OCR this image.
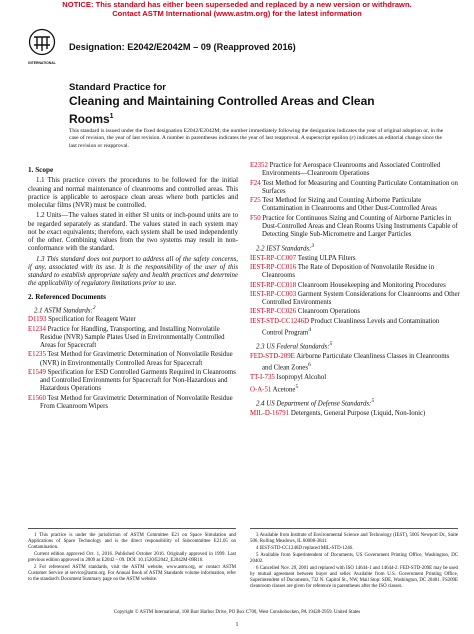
NOTICE: This standard has either been superseded and replaced by a new version or withdrawn.
Contact ASTM International (www.astm.org) for the latest information
INTERNATIONAL
Designation: E2042/E2042M – 09 (Reapproved 2016)
Standard Practice for
Cleaning and Maintaining Controlled Areas and Clean Rooms$^1$
This standard is issued under the fixed designation E2042/E2042M; the number immediately following the designation indicates the year of original adoption or, in the case of revision, the year of last revision. A number in parentheses indicates the year of last reapproval. A superscript epsilon (ε) indicates an editorial change since the last revision or reapproval.
1. Scope

1.1 This practice covers the procedures to be followed for the initial cleaning and normal maintenance of cleanrooms and controlled areas. This practice is applicable to aerospace clean areas where both particles and molecular films (NVR) must be controlled.

1.2 Units—The values stated in either SI units or inch-pound units are to be regarded separately as standard. The values stated in each system may not be exact equivalents; therefore, each system shall be used independently of the other. Combining values from the two systems may result in non-conformance with the standard.

1.3 This standard does not purport to address all of the safety concerns, if any, associated with its use. It is the responsibility of the user of this standard to establish appropriate safety and health practices and determine the applicability of regulatory limitations prior to use.

2. Referenced Documents
2.1 ASTM Standards:$^2$
D1193 Specification for Reagent Water
E1234 Practice for Handling, Transporting, and Installing Nonvolatile Residue (NVR) Sample Plates Used in Environmentally Controlled Areas for Spacecraft
E1235 Test Method for Gravimetric Determination of Nonvolatile Residue (NVR) in Environmentally Controlled Areas for Spacecraft
E1549 Specification for ESD Controlled Garments Required in Cleanrooms and Controlled Environments for Spacecraft for Non-Hazardous and Hazardous Operations
E1560 Test Method for Gravimetric Determination of Nonvolatile Residue From Cleanroom Wipers
E2352 Practice for Aerospace Cleanrooms and Associated Controlled Environments—Cleanroom Operations
F24 Test Method for Measuring and Counting Particulate Contamination on Surfaces
F25 Test Method for Sizing and Counting Airborne Particulate Contamination in Cleanrooms and Other Dust-Controlled Areas
F50 Practice for Continuous Sizing and Counting of Airborne Particles in Dust-Controlled Areas and Clean Rooms Using Instruments Capable of Detecting Single Sub-Micrometre and Larger Particles
2.2 IEST Standards:$^3$
IEST-RP-CC007 Testing ULPA Filters
IEST-RP-CC016 The Rate of Deposition of Nonvolatile Residue in Cleanrooms
IEST-RP-CC018 Cleanroom Housekeeping and Monitoring Procedures
IEST-RP-CC003 Garment System Considerations for Cleanrooms and Other Controlled Environments
IEST-RP-CC026 Cleanroom Operations
IEST-STD-CC1246D Product Cleanliness Levels and Contamination Control Program$^4$
2.3 US Federal Standards:$^5$
FED-STD-209E Airborne Particulate Cleanliness Classes in Cleanrooms and Clean Zones$^6$
TT-I-735 Isopropyl Alcohol
O-A-51 Acetone$^5$
2.4 US Department of Defense Standards:$^5$
MIL-D-16791 Detergents, General Purpose (Liquid, Non-Ionic)

1 This practice is under the jurisdiction of ASTM Committee E21 on Space Simulation and Applications of Space Technology and is the direct responsibility of Subcommittee E21.05 on Contamination.

Current edition approved Oct. 1, 2016. Published October 2016. Originally approved in 1999. Last previous edition approved in 2009 as E2042 – 09. DOI: 10.1520/E2042_E2042M-09R16.

2 For referenced ASTM standards, visit the ASTM website, www.astm.org, or contact ASTM Customer Service at service@astm.org. For Annual Book of ASTM Standards volume information, refer to the standard's Document Summary page on the ASTM website.

3 Available from Institute of Environmental Science and Technology (IEST), 5005 Newport Dr., Suite 506, Rolling Meadows, IL 60008-3841.

4 IEST-STD-CC1246D replaced MIL-STD-1246.

5 Available from Superintendent of Documents, US Government Printing Office, Washington, DC 20402.

6 Cancelled Nov. 29, 2001 and replaced with ISO 14644-1 and 14644-2. FED-STD-209E may be used by mutual agreement between buyer and seller. Available from U.S. Government Printing Office, Superintendent of Documents, 732 N. Capitol St., NW, Mail Stop: SDE, Washington, DC 20401. FS209E cleanroom classes are given for reference in parentheses after the ISO classes.

Copyright © ASTM International, 100 Barr Harbor Drive, PO Box C700, West Conshohocken, PA 19428-2959. United States
1
